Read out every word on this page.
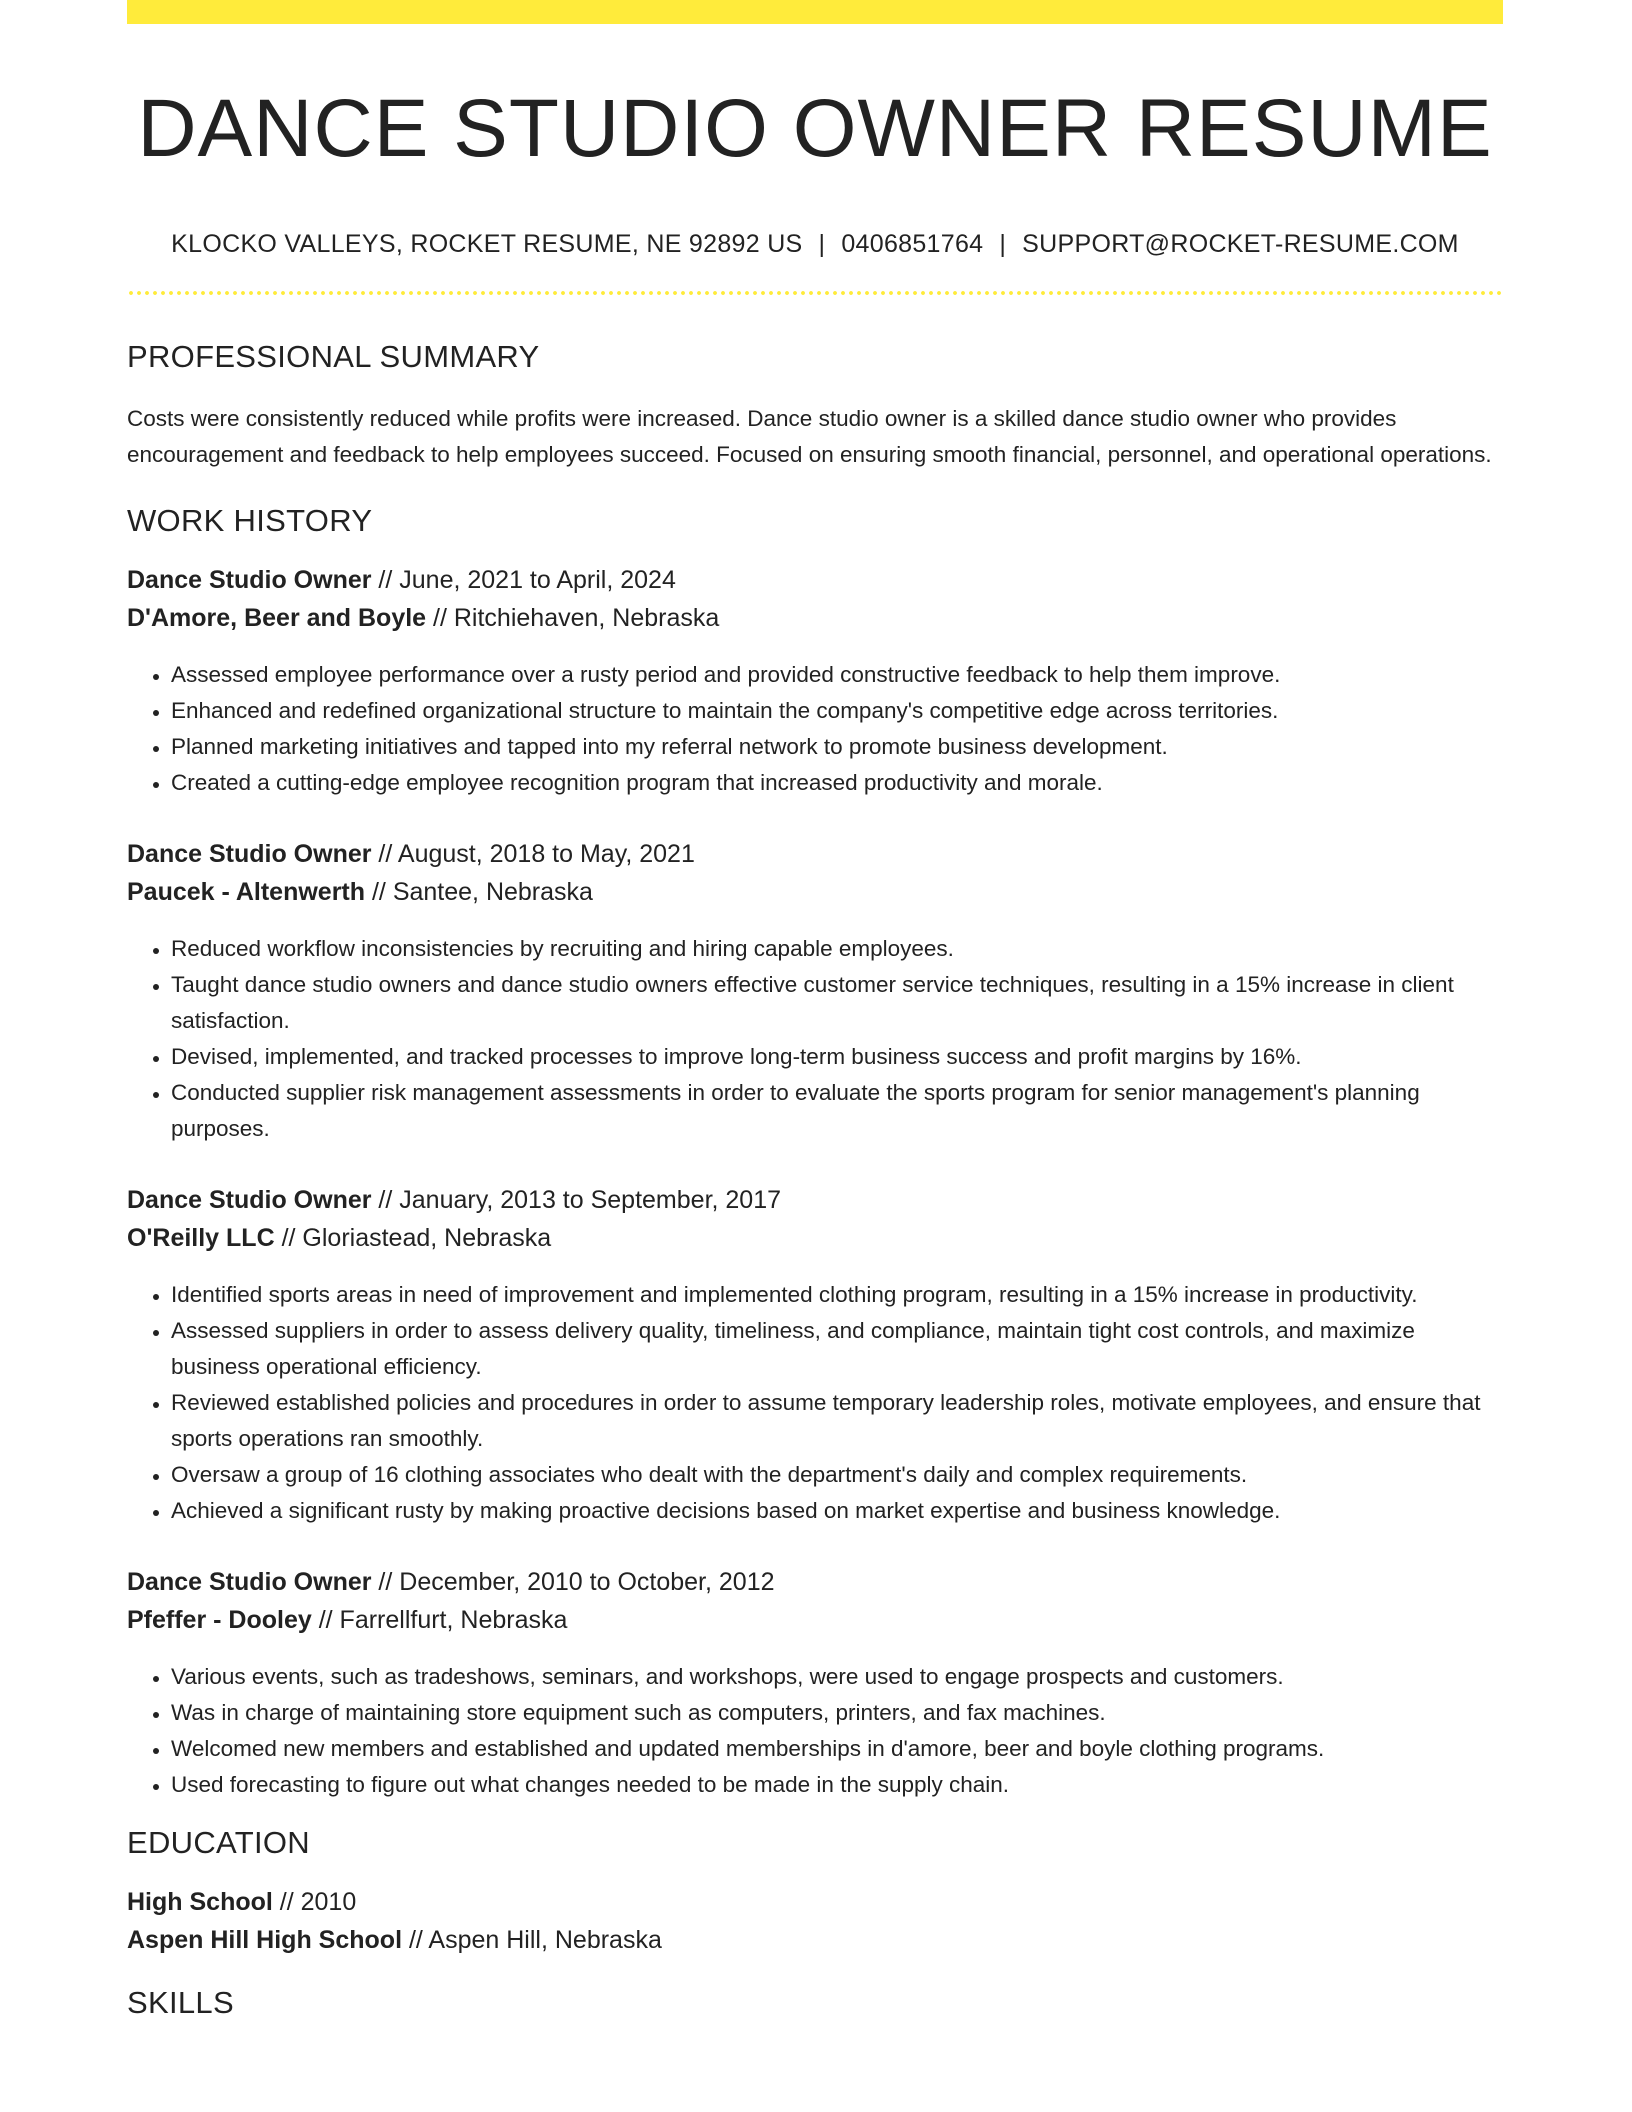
DANCE STUDIO OWNER RESUME
KLOCKO VALLEYS, ROCKET RESUME, NE 92892 US | 0406851764 | SUPPORT@ROCKET-RESUME.COM
PROFESSIONAL SUMMARY
Costs were consistently reduced while profits were increased. Dance studio owner is a skilled dance studio owner who provides encouragement and feedback to help employees succeed. Focused on ensuring smooth financial, personnel, and operational operations.
WORK HISTORY
Dance Studio Owner // June, 2021 to April, 2024
D'Amore, Beer and Boyle // Ritchiehaven, Nebraska
• Assessed employee performance over a rusty period and provided constructive feedback to help them improve.
• Enhanced and redefined organizational structure to maintain the company's competitive edge across territories.
• Planned marketing initiatives and tapped into my referral network to promote business development.
• Created a cutting-edge employee recognition program that increased productivity and morale.
Dance Studio Owner // August, 2018 to May, 2021
Paucek - Altenwerth // Santee, Nebraska
• Reduced workflow inconsistencies by recruiting and hiring capable employees.
• Taught dance studio owners and dance studio owners effective customer service techniques, resulting in a 15% increase in client satisfaction.
• Devised, implemented, and tracked processes to improve long-term business success and profit margins by 16%.
• Conducted supplier risk management assessments in order to evaluate the sports program for senior management's planning purposes.
Dance Studio Owner // January, 2013 to September, 2017
O'Reilly LLC // Gloriastead, Nebraska
• Identified sports areas in need of improvement and implemented clothing program, resulting in a 15% increase in productivity.
• Assessed suppliers in order to assess delivery quality, timeliness, and compliance, maintain tight cost controls, and maximize business operational efficiency.
• Reviewed established policies and procedures in order to assume temporary leadership roles, motivate employees, and ensure that sports operations ran smoothly.
• Oversaw a group of 16 clothing associates who dealt with the department's daily and complex requirements.
• Achieved a significant rusty by making proactive decisions based on market expertise and business knowledge.
Dance Studio Owner // December, 2010 to October, 2012
Pfeffer - Dooley // Farrellfurt, Nebraska
• Various events, such as tradeshows, seminars, and workshops, were used to engage prospects and customers.
• Was in charge of maintaining store equipment such as computers, printers, and fax machines.
• Welcomed new members and established and updated memberships in d'amore, beer and boyle clothing programs.
• Used forecasting to figure out what changes needed to be made in the supply chain.
EDUCATION
High School // 2010
Aspen Hill High School // Aspen Hill, Nebraska
SKILLS
